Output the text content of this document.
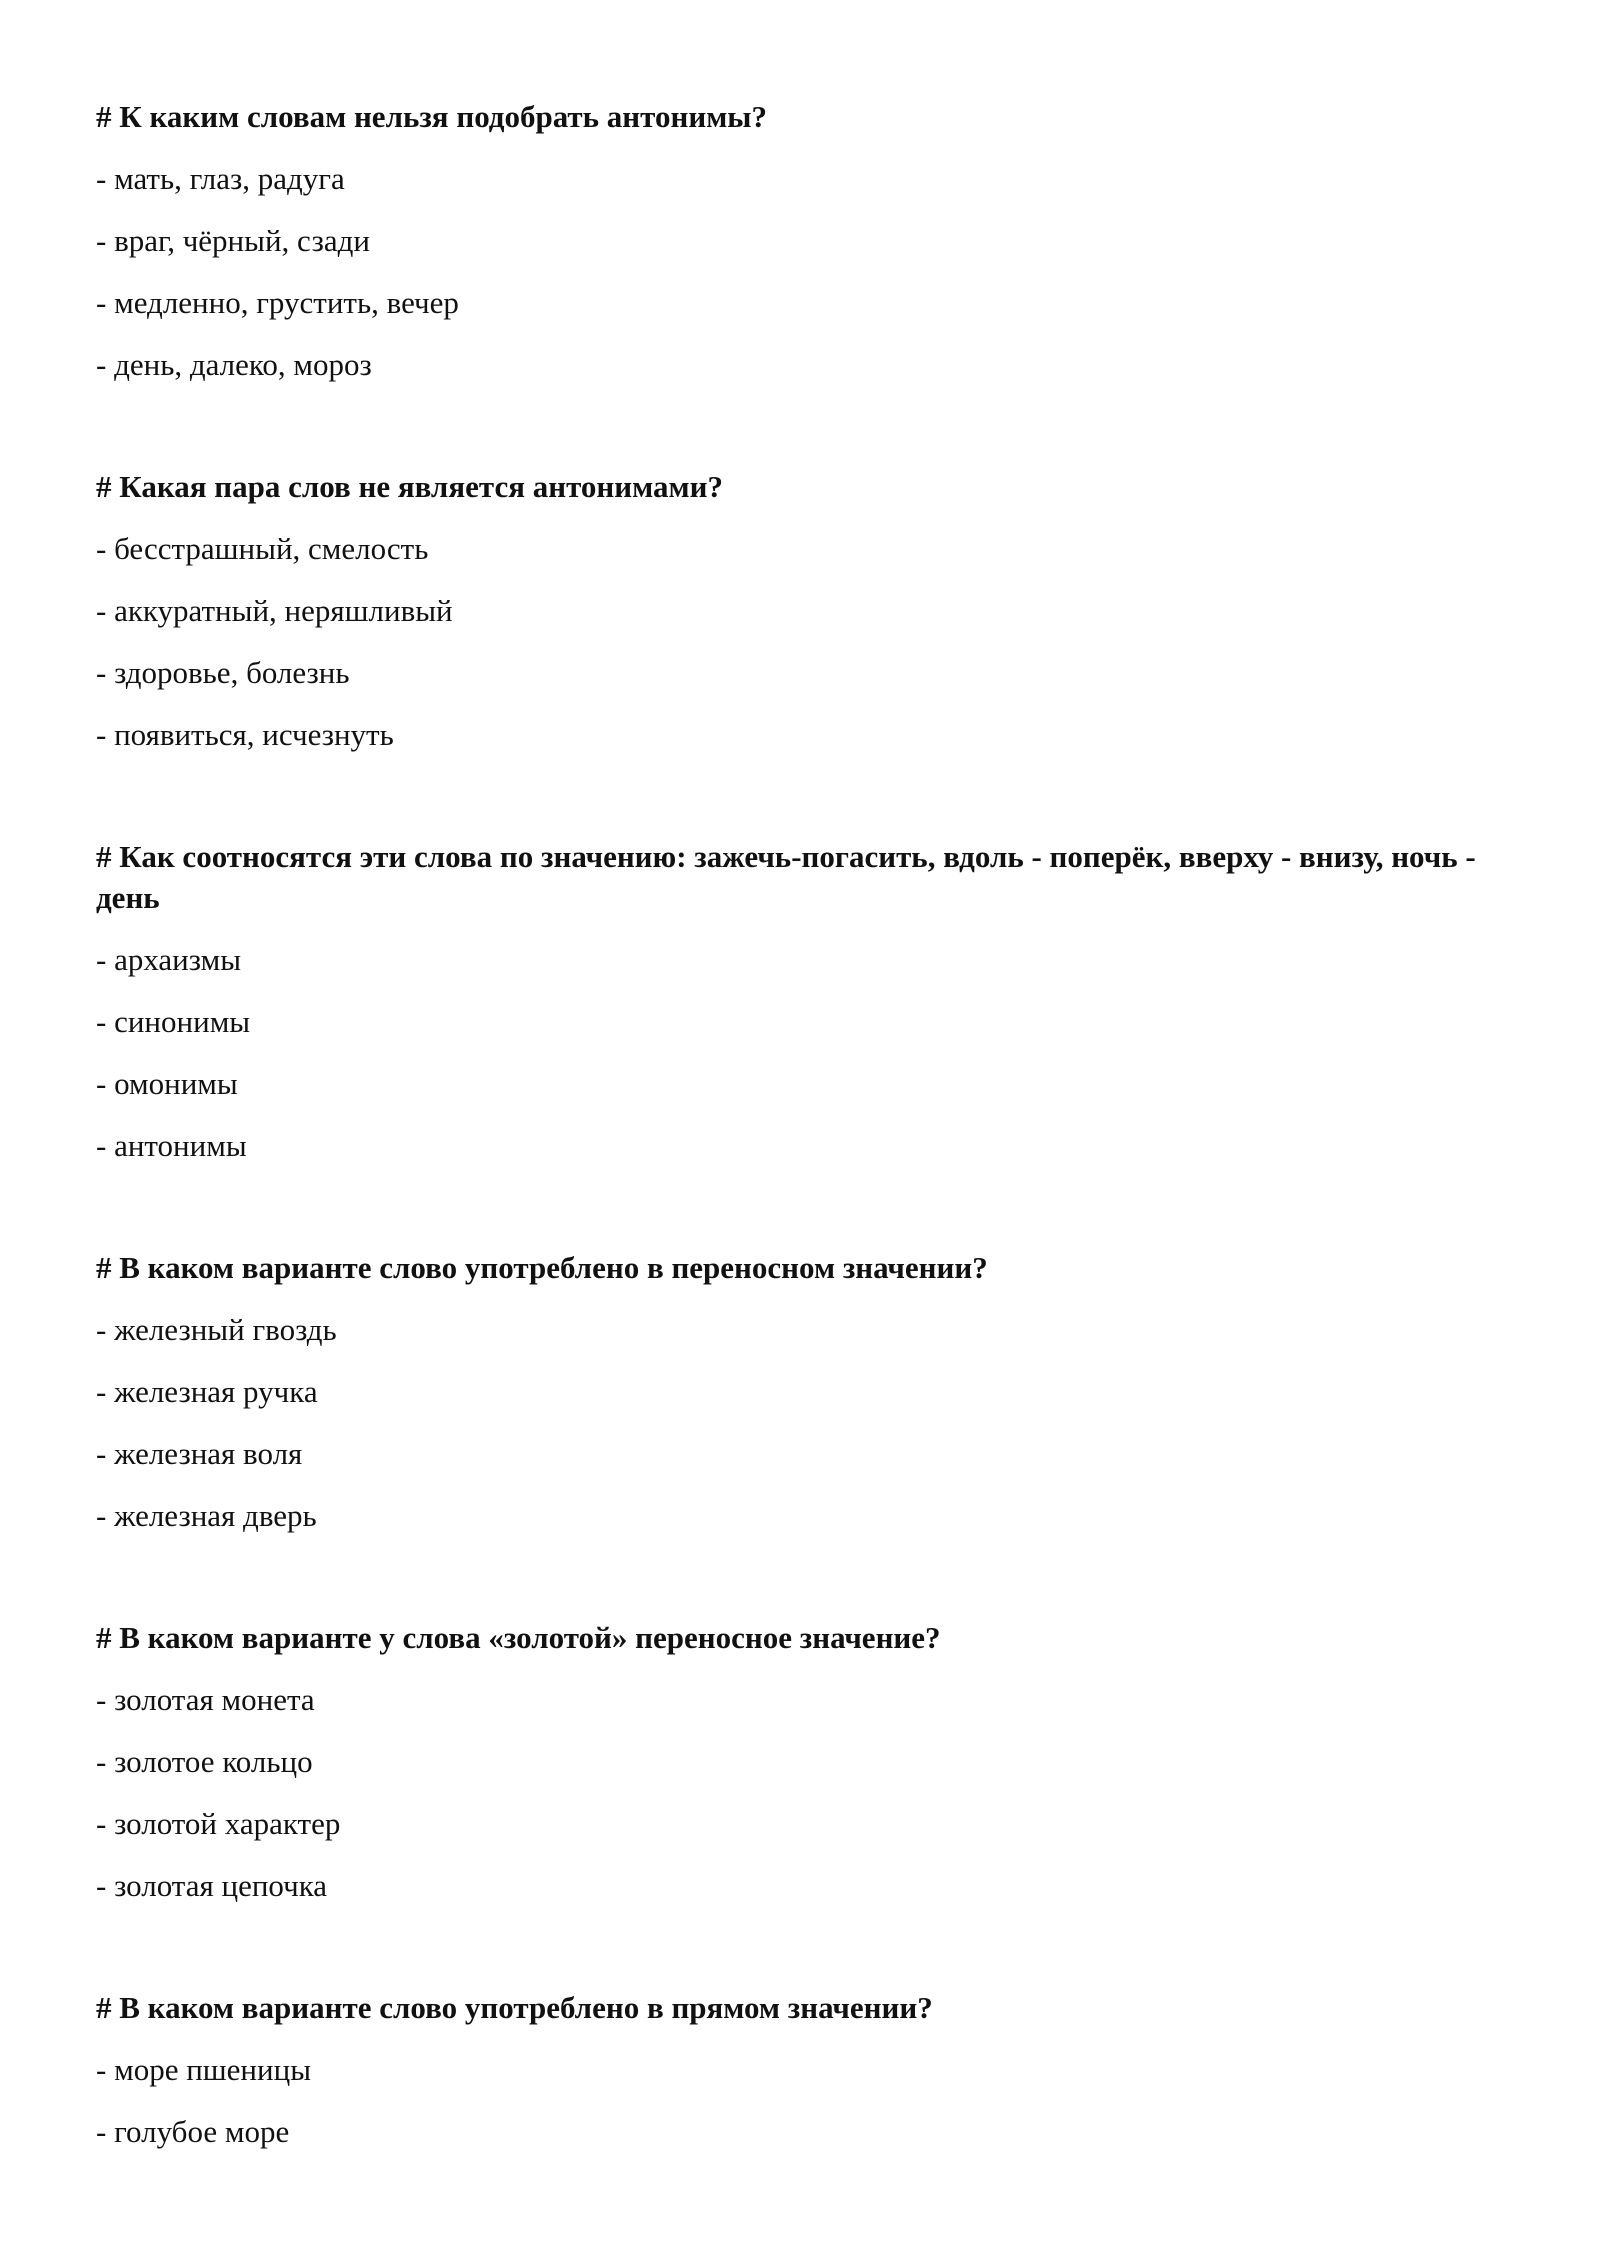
# К каким словам нельзя подобрать антонимы?

- мать, глаз, радуга

- враг, чёрный, сзади

- медленно, грустить, вечер

- день, далеко, мороз

# Какая пара слов не является антонимами?

- бесстрашный, смелость

- аккуратный, неряшливый

- здоровье, болезнь

- появиться, исчезнуть

# Как соотносятся эти слова по значению: зажечь-погасить, вдоль - поперёк, вверху - внизу, ночь - день

- архаизмы

- синонимы

- омонимы

- антонимы

# В каком варианте слово употреблено в переносном значении?

- железный гвоздь

- железная ручка

- железная воля

- железная дверь

# В каком варианте у слова «золотой» переносное значение?

- золотая монета

- золотое кольцо

- золотой характер

- золотая цепочка

# В каком варианте слово употреблено в прямом значении?

- море пшеницы

- голубое море
